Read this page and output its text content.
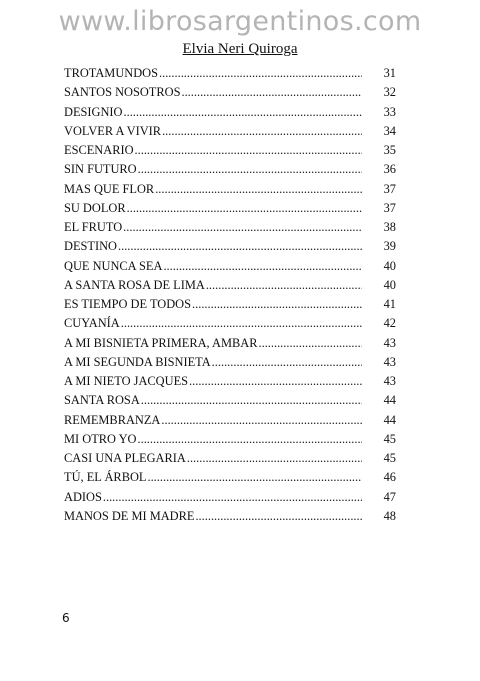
www.librosargentinos.com
Elvia Neri Quiroga
TROTAMUNDOS .....	31
SANTOS NOSOTROS .....	32
DESIGNIO .....	33
VOLVER A VIVIR .....	34
ESCENARIO .....	35
SIN FUTURO .....	36
MAS QUE FLOR .....	37
SU DOLOR .....	37
EL FRUTO .....	38
DESTINO .....	39
QUE NUNCA SEA .....	40
A SANTA ROSA DE LIMA .....	40
ES TIEMPO DE TODOS .....	41
CUYANÍA .....	42
A MI BISNIETA PRIMERA, AMBAR .....	43
A MI SEGUNDA BISNIETA .....	43
A MI NIETO JACQUES .....	43
SANTA ROSA .....	44
REMEMBRANZA .....	44
MI OTRO YO .....	45
CASI UNA PLEGARIA .....	45
TÚ, EL ÁRBOL .....	46
ADIOS .....	47
MANOS DE MI MADRE .....	48
6
